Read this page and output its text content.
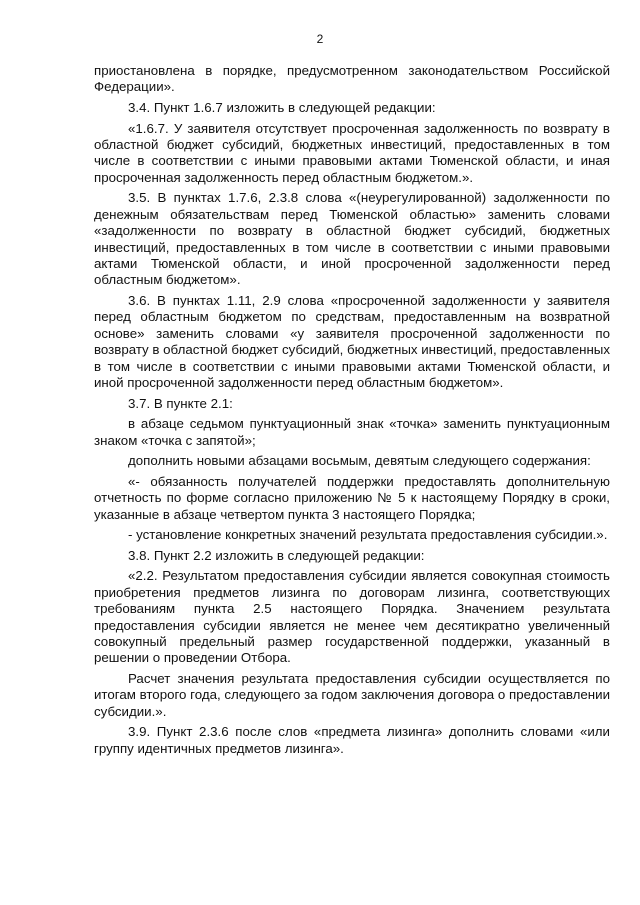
2

приостановлена в порядке, предусмотренном законодательством Российской Федерации».

3.4. Пункт 1.6.7 изложить в следующей редакции:

«1.6.7. У заявителя отсутствует просроченная задолженность по возврату в областной бюджет субсидий, бюджетных инвестиций, предоставленных в том числе в соответствии с иными правовыми актами Тюменской области, и иная просроченная задолженность перед областным бюджетом.».

3.5. В пунктах 1.7.6, 2.3.8 слова «(неурегулированной) задолженности по денежным обязательствам перед Тюменской областью» заменить словами «задолженности по возврату в областной бюджет субсидий, бюджетных инвестиций, предоставленных в том числе в соответствии с иными правовыми актами Тюменской области, и иной просроченной задолженности перед областным бюджетом».

3.6. В пунктах 1.11, 2.9 слова «просроченной задолженности у заявителя перед областным бюджетом по средствам, предоставленным на возвратной основе» заменить словами «у заявителя просроченной задолженности по возврату в областной бюджет субсидий, бюджетных инвестиций, предоставленных в том числе в соответствии с иными правовыми актами Тюменской области, и иной просроченной задолженности перед областным бюджетом».

3.7. В пункте 2.1:

в абзаце седьмом пунктуационный знак «точка» заменить пунктуационным знаком «точка с запятой»;

дополнить новыми абзацами восьмым, девятым следующего содержания:

«- обязанность получателей поддержки предоставлять дополнительную отчетность по форме согласно приложению № 5 к настоящему Порядку в сроки, указанные в абзаце четвертом пункта 3 настоящего Порядка;

- установление конкретных значений результата предоставления субсидии.».

3.8. Пункт 2.2 изложить в следующей редакции:

«2.2. Результатом предоставления субсидии является совокупная стоимость приобретения предметов лизинга по договорам лизинга, соответствующих требованиям пункта 2.5 настоящего Порядка. Значением результата предоставления субсидии является не менее чем десятикратно увеличенный совокупный предельный размер государственной поддержки, указанный в решении о проведении Отбора.

Расчет значения результата предоставления субсидии осуществляется по итогам второго года, следующего за годом заключения договора о предоставлении субсидии.».

3.9. Пункт 2.3.6 после слов «предмета лизинга» дополнить словами «или группу идентичных предметов лизинга».
